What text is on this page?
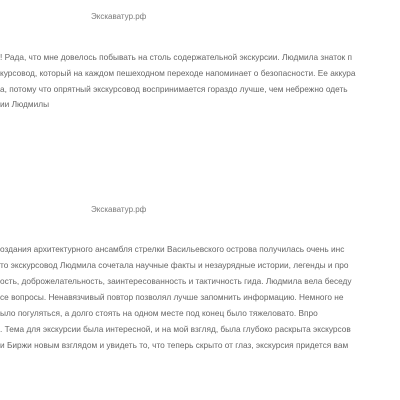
Экскаватур.рф
! Рада, что мне довелось побывать на столь содержательной экскурсии. Людмила знаток п
курсовод, который на каждом пешеходном переходе напоминает о безопасности. Ее аккура
а, потому что опрятный экскурсовод воспринимается гораздо лучше, чем небрежно одеть
ии Людмилы
Экскаватур.рф
оздания архитектурного ансамбля стрелки Васильевского острова получилась очень инс
то экскурсовод Людмила сочетала научные факты и незаурядные истории, легенды и про
ость, доброжелательность, заинтересованность и тактичность гида. Людмила вела беседу
се вопросы. Ненавязчивый повтор позволял лучше запомнить информацию. Немного не
ыло погуляться, а долго стоять на одном месте под конец было тяжеловато. Впро
. Тема для экскурсии была интересной, и на мой взгляд, была глубоко раскрыта экскурсов
и Биржи новым взглядом и увидеть то, что теперь скрыто от глаз, экскурсия придется вам
